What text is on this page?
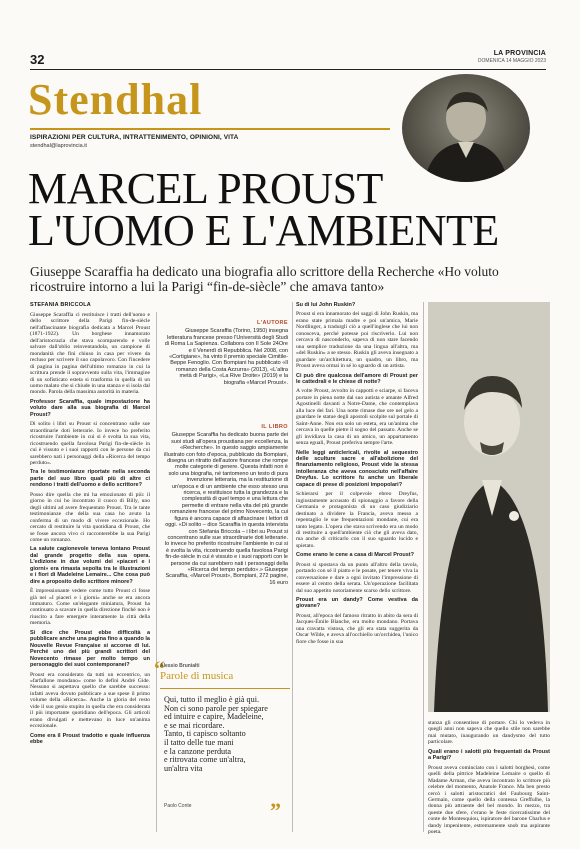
32	LA PROVINCIA
DOMENICA 14 MAGGIO 2023
Stendhal
ISPIRAZIONI PER CULTURA, INTRATTENIMENTO, OPINIONI, VITA
stendhal@laprovincia.it
MARCEL PROUST
L'UOMO E L'AMBIENTE
Giuseppe Scaraffia ha dedicato una biografia allo scrittore della Recherche «Ho voluto ricostruire intorno a lui la Parigi “fin-de-siècle” che amava tanto»
STEFANIA BRICCOLA

Giuseppe Scaraffia ci restituisce i tratti dell'uomo e dello scrittore della Parigi fin-de-siècle nell'affascinante biografia dedicata a Marcel Proust (1871-1922). Un borghese innamorato dell'aristocrazia che stava scomparendo e volle salvare dall'oblio reinventandola, un campione di mondanità che finì chiuso in casa per vivere da recluso per scrivere il suo capolavoro. Con l'incedere di pagina in pagina dell'ultimo romanzo in cui la scrittura prende il sopravvento sulla vita, l'immagine di un sofisticato esteta si trasforma in quella di un uomo malato che si chiude in una stanza e si isola dal mondo. Parola della massima autorità in materia.

Professor Scaraffia, quale impostazione ha voluto dare alla sua biografia di Marcel Proust?

Di solito i libri su Proust si concentrano sulle sue straordinarie doti letterarie. Io invece ho preferito ricostruire l'ambiente in cui si è svolta la sua vita, ricostruendo quella favolosa Parigi fin-de-siècle in cui è vissuto e i suoi rapporti con le persone da cui sarebbero nati i personaggi della «Ricerca del tempo perduto».

Tra le testimonianze riportate nella seconda parte del suo libro quali più di altre ci rendono i tratti dell'uomo e dello scrittore?

Posso dire quella che mi ha emozionato di più: il giorno in cui ho incontrato il cuoco di Billy, uno degli ultimi ad avere frequentato Proust. Tra le tante testimonianze che della sua casa ho avuto la conferma di un modo di vivere eccezionale. Ho cercato di restituire la vita quotidiana di Proust, che se fosse ancora vivo ci racconterebbe la sua Parigi come un romanzo.

La salute cagionevole teneva lontano Proust dal grande progetto della sua opera. L'edizione in due volumi dei «piaceri e i giorni» era rimasta sepolta tra le illustrazioni e i fiori di Madeleine Lemaire... Che cosa può dire a proposito dello scrittore minore?

È impressionante vedere come tutto Proust ci fosse già nei «I piaceri e i giorni» anche se era ancora immaturo. Come un'elegante miniatura, Proust ha continuato a scavare in quella direzione finché non è riuscito a fare emergere interamente la città della memoria.

Si dice che Proust ebbe difficoltà a pubblicare anche una pagina fino a quando la Nouvelle Revue Française si accorse di lui. Perché uno dei più grandi scrittori del Novecento rimase per molto tempo un personaggio dei suoi contemporanei?

Proust era considerato da tutti un eccentrico, un «farfallone mondano» come lo definì André Gide. Nessuno si aspettava quello che sarebbe successo: infatti aveva dovuto pubblicare a sue spese il primo volume della «Ricerca». Anche la gloria del resto vide il suo genio stupito in quella che era considerata il più importante quotidiano dell'epoca. Gli articoli erano divulgati e mettevano in luce un'anima eccezionale.

Come era il Proust tradotto e quale influenza ebbe

L'AUTORE
Giuseppe Scaraffia (Torino, 1950) insegna letteratura francese presso l'Università degli Studi di Roma La Sapienza. Collabora con Il Sole 24Ore e il Venerdì di Repubblica. Nel 2008, con «Cortigiane», ha vinto il premio speciale Cimitile-Beppe Fenoglio. Con Bompiani ha pubblicato «Il romanzo della Costa Azzurra» (2013), «L'altra metà di Parigi», «La Rive Droite» (2019) e la biografia «Marcel Proust».
IL LIBRO
Giuseppe Scaraffia ha dedicato buona parte dei suoi studi all'opera proustiana per eccellenza, la «Recherche». In questo saggio ampiamente illustrato con foto d'epoca, pubblicato da Bompiani, disegna un ritratto dell'autore francese che rompe molte categorie di genere. Questa infatti non è solo una biografia, né tantomeno un testo di pura invenzione letteraria, ma la restituzione di un'epoca e di un ambiente che esso stesso una ricerca, e restituisce tutta la grandezza e la complessità di quel tempo e una lettura che permette di entrare nella vita del più grande romanziere francese del primo Novecento, la cui figura è ancora capace di affascinare i lettori di oggi. «Di solito – dice Scaraffia in questa intervista con Stefania Briccola – i libri su Proust si concentrano sulle sue straordinarie doti letterarie. Io invece ho preferito ricostruire l'ambiente in cui si è svolta la vita, ricostruendo quella favolosa Parigi fin-de-siècle in cui è vissuto e i suoi rapporti con le persone da cui sarebbero nati i personaggi della «Ricerca del tempo perduto».» Giuseppe Scaraffia, «Marcel Proust», Bompiani, 272 pagine, 16 euro
“
Alessio Brunialti
Parole di musica
Qui, tutto il meglio è già qui.
Non ci sono parole per spiegare
ed intuire e capire, Madeleine,
e se mai ricordare.
Tanto, ti capisco soltanto
il tatto delle tue mani
e la canzone perduta
e ritrovata come un'altra,
un'altra vita
Paolo Conte	”

Su di lui John Ruskin?

Proust si era innamorato dei saggi di John Ruskin, ma erano state primala madre e poi un'amica, Marie Nordlinger, a tradurgli ciò a quell'inglese che lui non conosceva, perché potesse poi riscriverlo. Lui non cercava di nasconderlo, sapeva di non stare facendo una semplice traduzione da una lingua all'altra, ma «del Ruskin» a se stesso. Ruskin gli aveva insegnato a guardare un'architettura, un quadro, un libro, ma Proust aveva ormai in sé lo sguardo di un artista.

Ci può dire qualcosa dell'amore di Proust per le cattedrali e le chiese di notte?

A volte Proust, avvolto in cappotti e sciarpe, si faceva portare in piena notte dal suo autista e amante Alfred Agostinelli davanti a Notre-Dame, che contemplava alla luce dei fari. Una notte rimase due ore nel gelo a guardare le statue degli apostoli scolpite sul portale di Saint-Anne. Non era solo un esteta, era un'anima che cercava in quelle pietre il sogno del passato. Anche se gli invidiava la casa di un amico, un appartamento senza eguali, Proust preferiva sempre l'arte.

Nelle leggi anticlericali, rivolte al sequestro delle sculture sacre e all'abolizione del finanziamento religioso, Proust vide la stessa intolleranza che aveva conosciuto nell'affaire Dreyfus. Lo scrittore fu anche un liberale capace di prese di posizioni impopolari?

Schierarsi per il colpevole ebreo Dreyfus, ingiustamente accusato di spionaggio a favore della Germania e protagonista di un caso giudiziario destinato a dividere la Francia, aveva messo a repentaglio le sue frequentazioni mondane, cui era tanto legato. L'opera che stava scrivendo era un modo di restituire a quell'ambiente ciò che gli aveva dato, ma anche di criticarlo con il suo sguardo lucido e spietato.

Come erano le cene a casa di Marcel Proust?

Proust si spostava da un punto all'altro della tavola, portando con sé il piatto e le posate, per tenere viva la conversazione e dare a ogni invitato l'impressione di essere al centro della serata. Un'operazione facilitata dal suo appetito notoriamente scarso dello scrittore.

Proust era un dandy? Come vestiva da giovane?

Proust, all'epoca del famoso ritratto in abito da sera di Jacques-Émile Blanche, era molto mondano. Portava una cravatta vistosa, che gli era stata suggerita da Oscar Wilde, e aveva all'occhiello un'orchidea, l'unico fiore che fosse in sua

stanza gli consentisse di portare. Chi lo vedeva in quegli anni non sapeva che quello stile non sarebbe mai mutato, inaugurando un dandysmo del tutto particolare.

Quali erano i salotti più frequentati da Proust a Parigi?

Proust aveva cominciato con i salotti borghesi, come quelli della pittrice Madeleine Lemaire o quello di Madame Arman, che aveva incontrato lo scrittore più celebre del momento, Anatole France. Ma ben presto cercò i salotti aristocratici del Faubourg Saint-Germain, come quello della contessa Greffulhe, la donna più attraente del bel mondo. In mezzo, tra queste due sfere, c'erano le feste ricercatissime del conte de Montesquiou, ispiratore del barone Charlus e dandy impenitente, estremamente snob ma aspirante poeta.
